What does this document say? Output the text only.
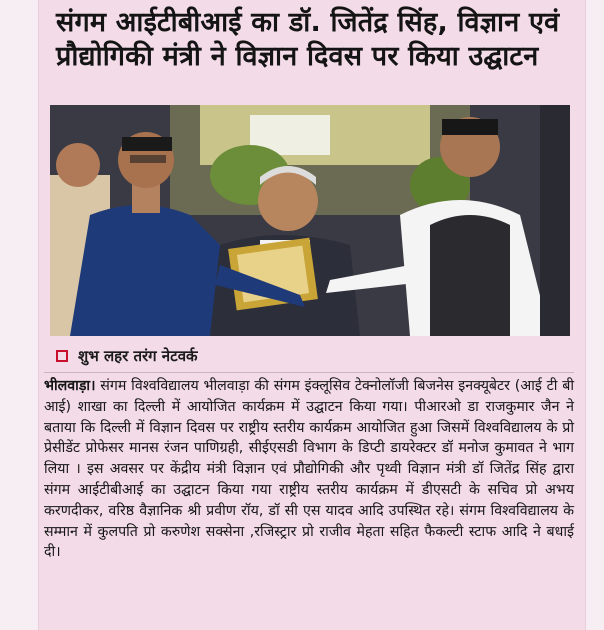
संगम आईटीबीआई का डॉ. जितेंद्र सिंह, विज्ञान एवं प्रौद्योगिकी मंत्री ने विज्ञान दिवस पर किया उद्घाटन
शुभ लहर तरंग नेटवर्क

भीलवाड़ा। संगम विश्वविद्यालय भीलवाड़ा की संगम इंक्लूसिव टेक्नोलॉजी बिजनेस इनक्यूबेटर (आई टी बी आई) शाखा का दिल्ली में आयोजित कार्यक्रम में उद्घाटन किया गया। पीआरओ डा राजकुमार जैन ने बताया कि दिल्ली में विज्ञान दिवस पर राष्ट्रीय स्तरीय कार्यक्रम आयोजित हुआ जिसमें विश्वविद्यालय के प्रो प्रेसीडेंट प्रोफेसर मानस रंजन पाणिग्रही, सीईएसडी विभाग के डिप्टी डायरेक्टर डॉ मनोज कुमावत ने भाग लिया । इस अवसर पर केंद्रीय मंत्री विज्ञान एवं प्रौद्योगिकी और पृथ्वी विज्ञान मंत्री डॉ जितेंद्र सिंह द्वारा संगम आईटीबीआई का उद्घाटन किया गया राष्ट्रीय स्तरीय कार्यक्रम में डीएसटी के सचिव प्रो अभय करणदीकर, वरिष्ठ वैज्ञानिक श्री प्रवीण रॉय, डॉ सी एस यादव आदि उपस्थित रहे। संगम विश्वविद्यालय के सम्मान में कुलपति प्रो करुणेश सक्सेना ,रजिस्ट्रार प्रो राजीव मेहता सहित फैकल्टी स्टाफ आदि ने बधाई दी।
